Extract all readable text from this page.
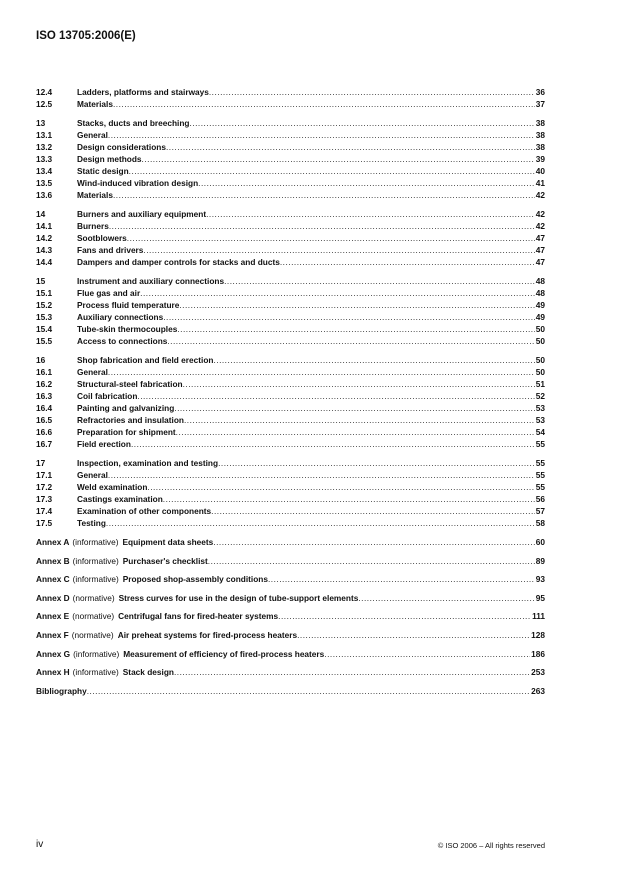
ISO 13705:2006(E)
12.4	Ladders, platforms and stairways .....	36
12.5	Materials .....	37
13	Stacks, ducts and breeching .....	38
13.1	General .....	38
13.2	Design considerations .....	38
13.3	Design methods .....	39
13.4	Static design .....	40
13.5	Wind-induced vibration design .....	41
13.6	Materials .....	42
14	Burners and auxiliary equipment .....	42
14.1	Burners .....	42
14.2	Sootblowers .....	47
14.3	Fans and drivers .....	47
14.4	Dampers and damper controls for stacks and ducts .....	47
15	Instrument and auxiliary connections .....	48
15.1	Flue gas and air .....	48
15.2	Process fluid temperature .....	49
15.3	Auxiliary connections .....	49
15.4	Tube-skin thermocouples .....	50
15.5	Access to connections .....	50
16	Shop fabrication and field erection .....	50
16.1	General .....	50
16.2	Structural-steel fabrication .....	51
16.3	Coil fabrication .....	52
16.4	Painting and galvanizing .....	53
16.5	Refractories and insulation .....	53
16.6	Preparation for shipment .....	54
16.7	Field erection .....	55
17	Inspection, examination and testing .....	55
17.1	General .....	55
17.2	Weld examination .....	55
17.3	Castings examination .....	56
17.4	Examination of other components .....	57
17.5	Testing .....	58
Annex A (informative) Equipment data sheets .....	60
Annex B (informative) Purchaser's checklist .....	89
Annex C (informative) Proposed shop-assembly conditions .....	93
Annex D (normative) Stress curves for use in the design of tube-support elements .....	95
Annex E (normative) Centrifugal fans for fired-heater systems .....	111
Annex F (normative) Air preheat systems for fired-process heaters .....	128
Annex G (informative) Measurement of efficiency of fired-process heaters .....	186
Annex H (informative) Stack design .....	253
Bibliography .....	263
iv	© ISO 2006 – All rights reserved
